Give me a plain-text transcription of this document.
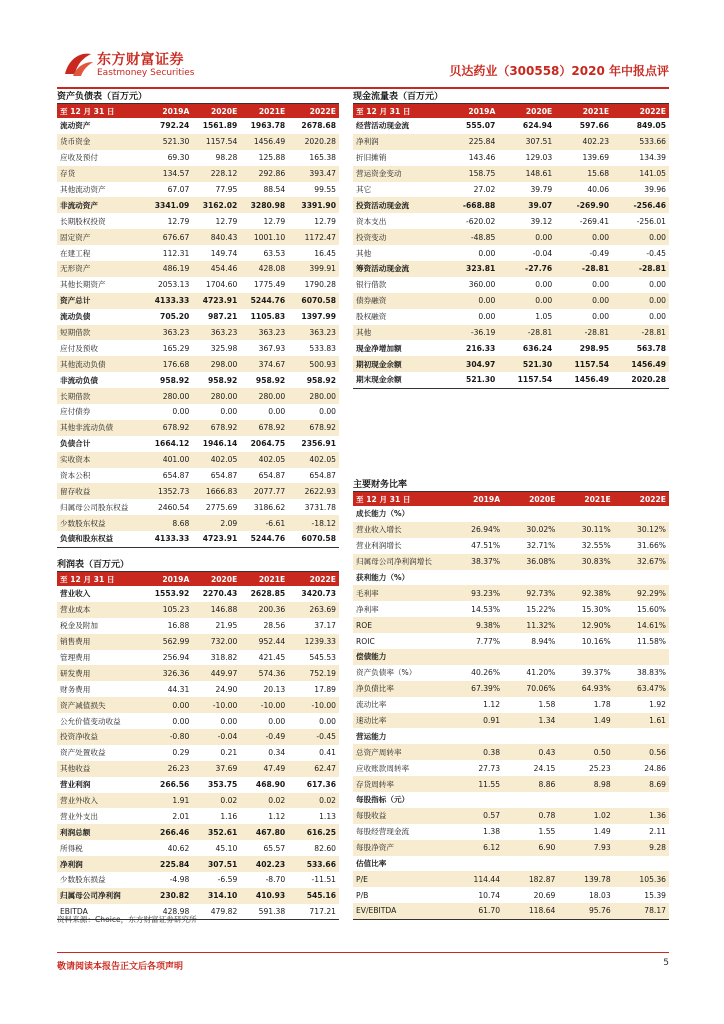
东方财富证券
Eastmoney Securities	贝达药业（300558）2020 年中报点评
资产负债表（百万元）
至 12 月 31 日	2019A	2020E	2021E	2022E
流动资产	792.24	1561.89	1963.78	2678.68
货币资金	521.30	1157.54	1456.49	2020.28
应收及预付	69.30	98.28	125.88	165.38
存货	134.57	228.12	292.86	393.47
其他流动资产	67.07	77.95	88.54	99.55
非流动资产	3341.09	3162.02	3280.98	3391.90
长期股权投资	12.79	12.79	12.79	12.79
固定资产	676.67	840.43	1001.10	1172.47
在建工程	112.31	149.74	63.53	16.45
无形资产	486.19	454.46	428.08	399.91
其他长期资产	2053.13	1704.60	1775.49	1790.28
资产总计	4133.33	4723.91	5244.76	6070.58
流动负债	705.20	987.21	1105.83	1397.99
短期借款	363.23	363.23	363.23	363.23
应付及预收	165.29	325.98	367.93	533.83
其他流动负债	176.68	298.00	374.67	500.93
非流动负债	958.92	958.92	958.92	958.92
长期借款	280.00	280.00	280.00	280.00
应付债券	0.00	0.00	0.00	0.00
其他非流动负债	678.92	678.92	678.92	678.92
负债合计	1664.12	1946.14	2064.75	2356.91
实收资本	401.00	402.05	402.05	402.05
资本公积	654.87	654.87	654.87	654.87
留存收益	1352.73	1666.83	2077.77	2622.93
归属母公司股东权益	2460.54	2775.69	3186.62	3731.78
少数股东权益	8.68	2.09	-6.61	-18.12
负债和股东权益	4133.33	4723.91	5244.76	6070.58
现金流量表（百万元）
至 12 月 31 日	2019A	2020E	2021E	2022E
经营活动现金流	555.07	624.94	597.66	849.05
净利润	225.84	307.51	402.23	533.66
折旧摊销	143.46	129.03	139.69	134.39
营运资金变动	158.75	148.61	15.68	141.05
其它	27.02	39.79	40.06	39.96
投资活动现金流	-668.88	39.07	-269.90	-256.46
资本支出	-620.02	39.12	-269.41	-256.01
投资变动	-48.85	0.00	0.00	0.00
其他	0.00	-0.04	-0.49	-0.45
筹资活动现金流	323.81	-27.76	-28.81	-28.81
银行借款	360.00	0.00	0.00	0.00
债券融资	0.00	0.00	0.00	0.00
股权融资	0.00	1.05	0.00	0.00
其他	-36.19	-28.81	-28.81	-28.81
现金净增加额	216.33	636.24	298.95	563.78
期初现金余额	304.97	521.30	1157.54	1456.49
期末现金余额	521.30	1157.54	1456.49	2020.28
利润表（百万元）
至 12 月 31 日	2019A	2020E	2021E	2022E
营业收入	1553.92	2270.43	2628.85	3420.73
营业成本	105.23	146.88	200.36	263.69
税金及附加	16.88	21.95	28.56	37.17
销售费用	562.99	732.00	952.44	1239.33
管理费用	256.94	318.82	421.45	545.53
研发费用	326.36	449.97	574.36	752.19
财务费用	44.31	24.90	20.13	17.89
资产减值损失	0.00	-10.00	-10.00	-10.00
公允价值变动收益	0.00	0.00	0.00	0.00
投资净收益	-0.80	-0.04	-0.49	-0.45
资产处置收益	0.29	0.21	0.34	0.41
其他收益	26.23	37.69	47.49	62.47
营业利润	266.56	353.75	468.90	617.36
营业外收入	1.91	0.02	0.02	0.02
营业外支出	2.01	1.16	1.12	1.13
利润总额	266.46	352.61	467.80	616.25
所得税	40.62	45.10	65.57	82.60
净利润	225.84	307.51	402.23	533.66
少数股东损益	-4.98	-6.59	-8.70	-11.51
归属母公司净利润	230.82	314.10	410.93	545.16
EBITDA	428.98	479.82	591.38	717.21
主要财务比率
至 12 月 31 日	2019A	2020E	2021E	2022E
成长能力（%）				
营业收入增长	26.94%	30.02%	30.11%	30.12%
营业利润增长	47.51%	32.71%	32.55%	31.66%
归属母公司净利润增长	38.37%	36.08%	30.83%	32.67%
获利能力（%）				
毛利率	93.23%	92.73%	92.38%	92.29%
净利率	14.53%	15.22%	15.30%	15.60%
ROE	9.38%	11.32%	12.90%	14.61%
ROIC	7.77%	8.94%	10.16%	11.58%
偿债能力				
资产负债率（%）	40.26%	41.20%	39.37%	38.83%
净负债比率	67.39%	70.06%	64.93%	63.47%
流动比率	1.12	1.58	1.78	1.92
速动比率	0.91	1.34	1.49	1.61
营运能力				
总资产周转率	0.38	0.43	0.50	0.56
应收账款周转率	27.73	24.15	25.23	24.86
存货周转率	11.55	8.86	8.98	8.69
每股指标（元）				
每股收益	0.57	0.78	1.02	1.36
每股经营现金流	1.38	1.55	1.49	2.11
每股净资产	6.12	6.90	7.93	9.28
估值比率				
P/E	114.44	182.87	139.78	105.36
P/B	10.74	20.69	18.03	15.39
EV/EBITDA	61.70	118.64	95.76	78.17
资料来源：Choice，东方财富证券研究所
敬请阅读本报告正文后各项声明	5
